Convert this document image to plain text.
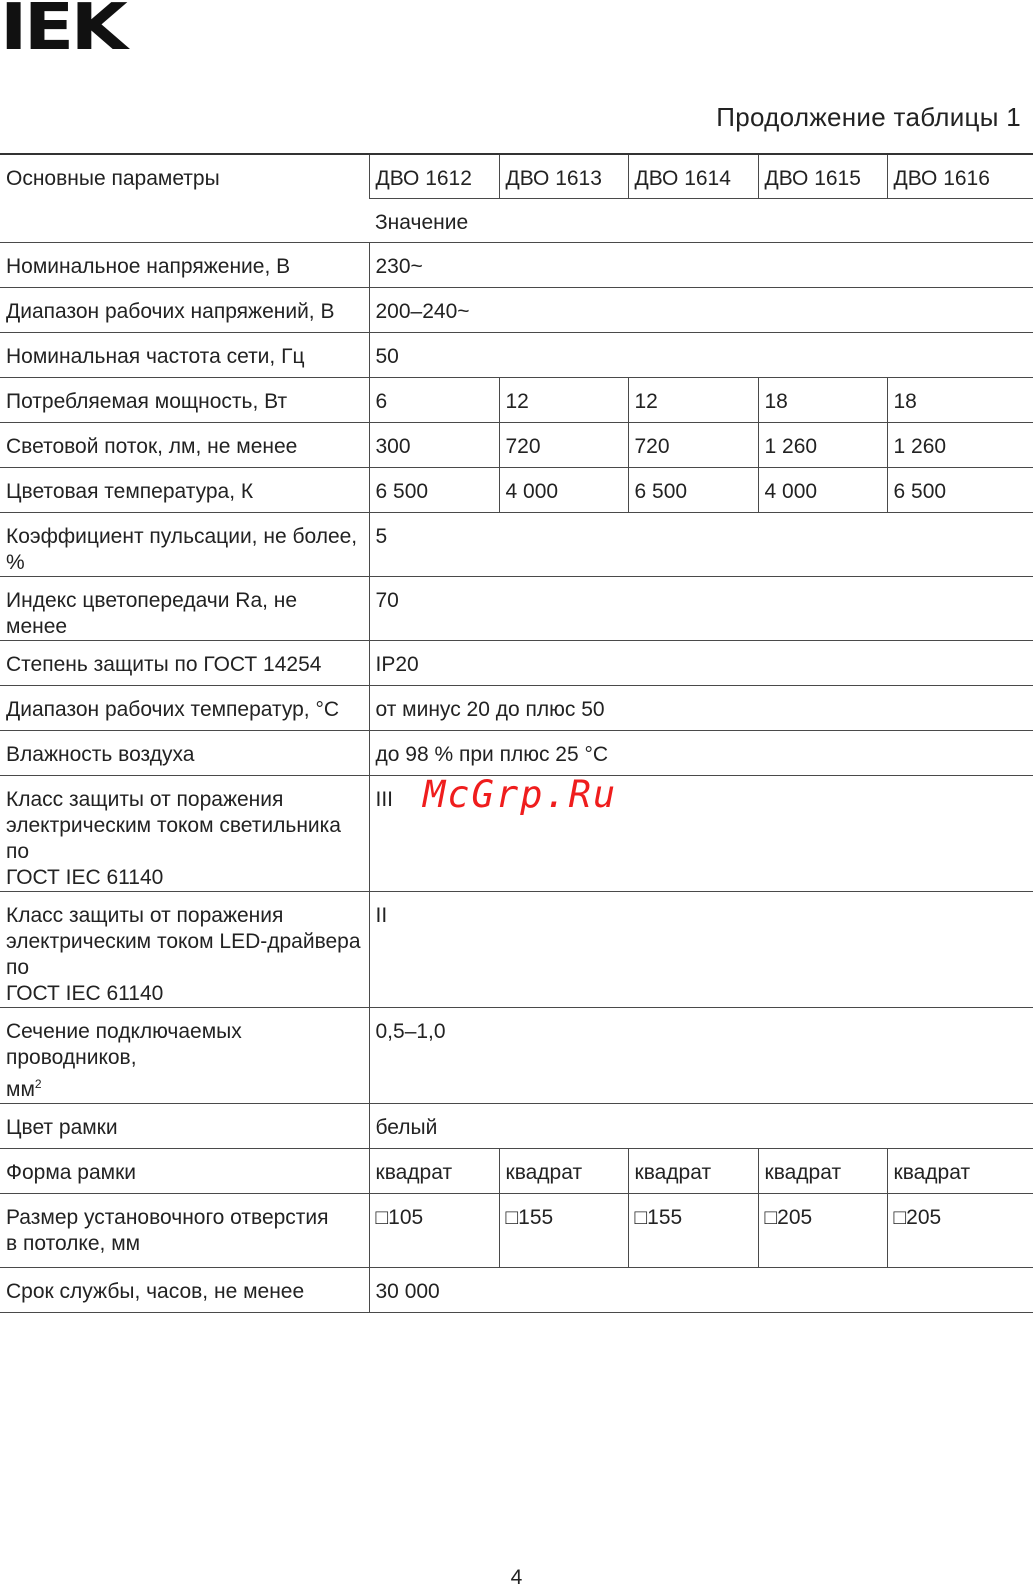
IEK
Продолжение таблицы 1
Основные параметры	ДВО 1612	ДВО 1613	ДВО 1614	ДВО 1615	ДВО 1616
	Значение				
Номинальное напряжение, В	230~				
Диапазон рабочих напряжений, В	200–240~				
Номинальная частота сети, Гц	50				
Потребляемая мощность, Вт	6	12	12	18	18
Световой поток, лм, не менее	300	720	720	1 260	1 260
Цветовая температура, К	6 500	4 000	6 500	4 000	6 500
Коэффициент пульсации, не более, %	5				
Индекс цветопередачи Ra, не менее	70				
Степень защиты по ГОСТ 14254	IP20				
Диапазон рабочих температур, °С	от минус 20 до плюс 50				
Влажность воздуха	до 98 % при плюс 25 °С				

Класс защиты от поражения
электрическим током светильника по
ГОСТ IEC 61140	III				

Класс защиты от поражения
электрическим током LED-драйвера по
ГОСТ IEC 61140	II				

Сечение подключаемых проводников,
$мм^2$	0,5–1,0				
Цвет рамки	белый				
Форма рамки	квадрат	квадрат	квадрат	квадрат	квадрат

Размер установочного отверстия
в потолке, мм	□105	□155	□155	□205	□205
Срок службы, часов, не менее	30 000				
McGrp.Ru
4
